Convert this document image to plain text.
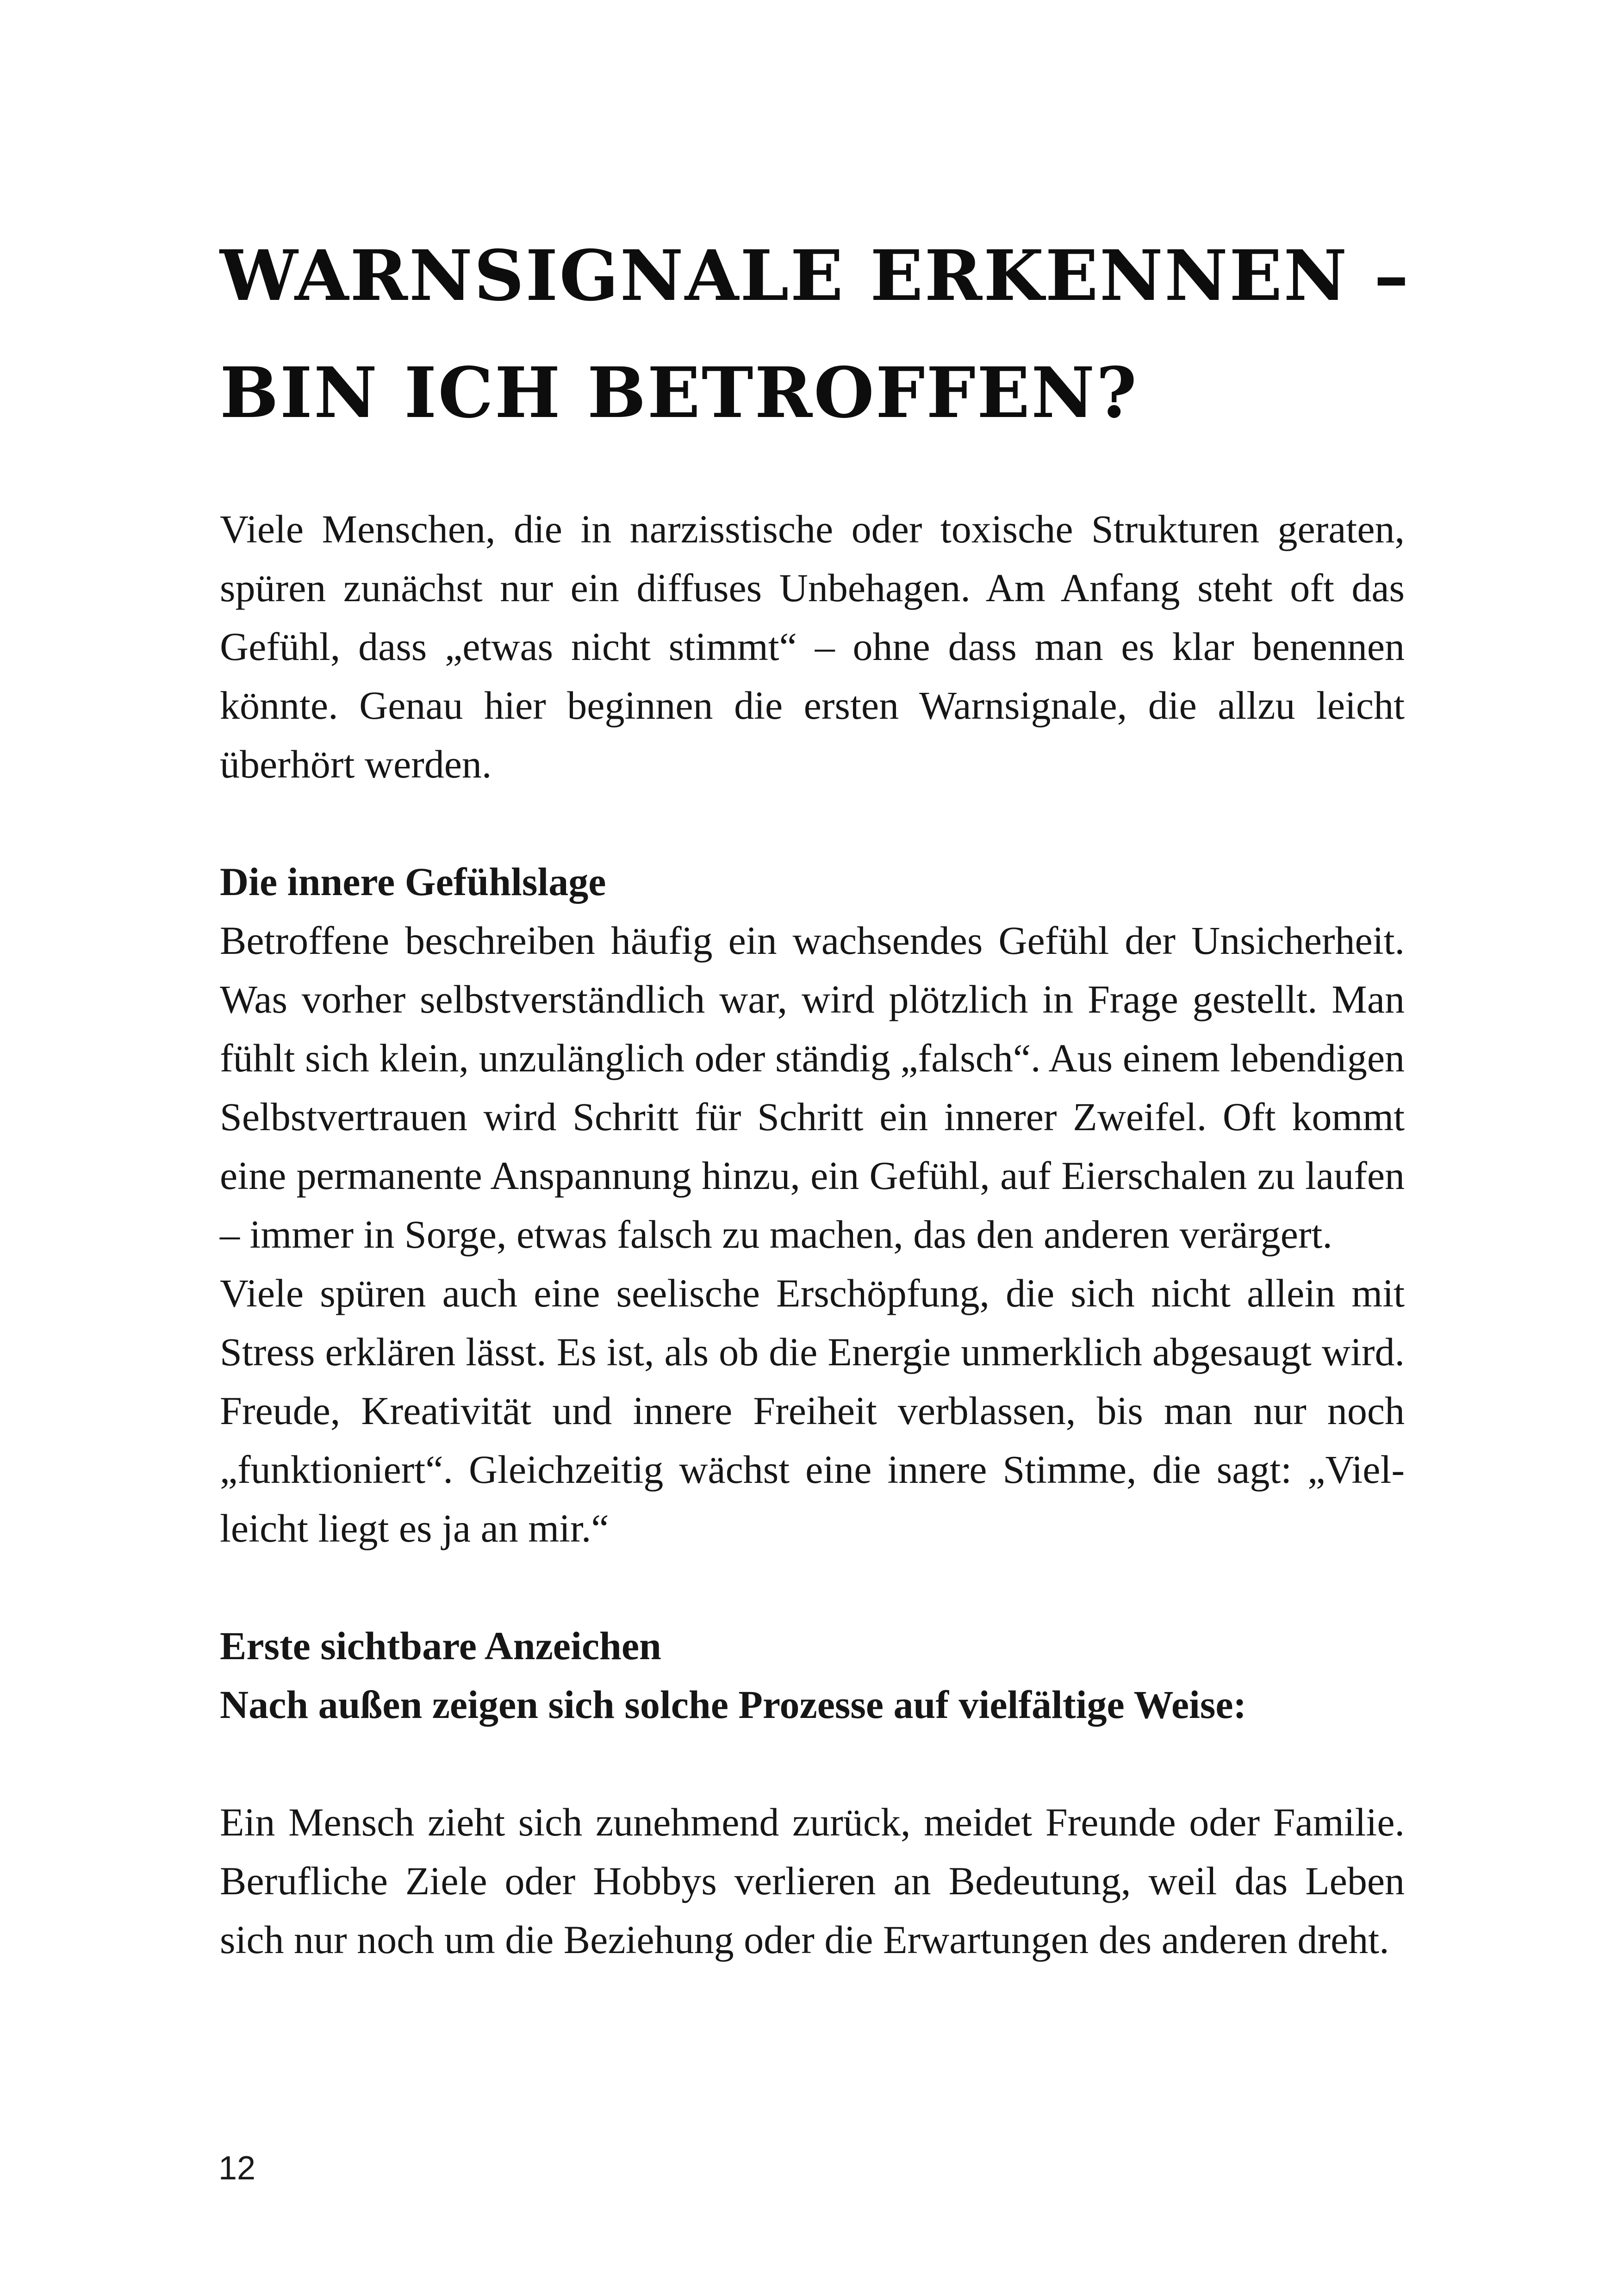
WARNSIGNALE ERKENNEN –
BIN ICH BETROFFEN?

Viele Menschen, die in narzisstische oder toxische Strukturen geraten, spüren zunächst nur ein diffuses Unbehagen. Am Anfang steht oft das Gefühl, dass „etwas nicht stimmt“ – ohne dass man es klar benennen könnte. Genau hier beginnen die ersten Warnsignale, die allzu leicht überhört werden.

Die innere Gefühlslage

Betroffene beschreiben häufig ein wachsendes Gefühl der Unsicherheit. Was vorher selbstverständlich war, wird plötzlich in Frage gestellt. Man fühlt sich klein, unzulänglich oder ständig „falsch“. Aus einem lebendigen Selbstvertrauen wird Schritt für Schritt ein innerer Zweifel. Oft kommt eine permanente Anspannung hinzu, ein Gefühl, auf Eierschalen zu laufen – immer in Sorge, etwas falsch zu machen, das den anderen verärgert.

Viele spüren auch eine seelische Erschöpfung, die sich nicht allein mit Stress erklären lässt. Es ist, als ob die Energie unmerklich abgesaugt wird. Freude, Kreativität und innere Freiheit verblassen, bis man nur noch „funktioniert“. Gleichzeitig wächst eine innere Stimme, die sagt: „Vielleicht liegt es ja an mir.“

Erste sichtbare Anzeichen
Nach außen zeigen sich solche Prozesse auf vielfältige Weise:

Ein Mensch zieht sich zunehmend zurück, meidet Freunde oder Familie. Berufliche Ziele oder Hobbys verlieren an Bedeutung, weil das Leben sich nur noch um die Beziehung oder die Erwartungen des anderen dreht.

12
